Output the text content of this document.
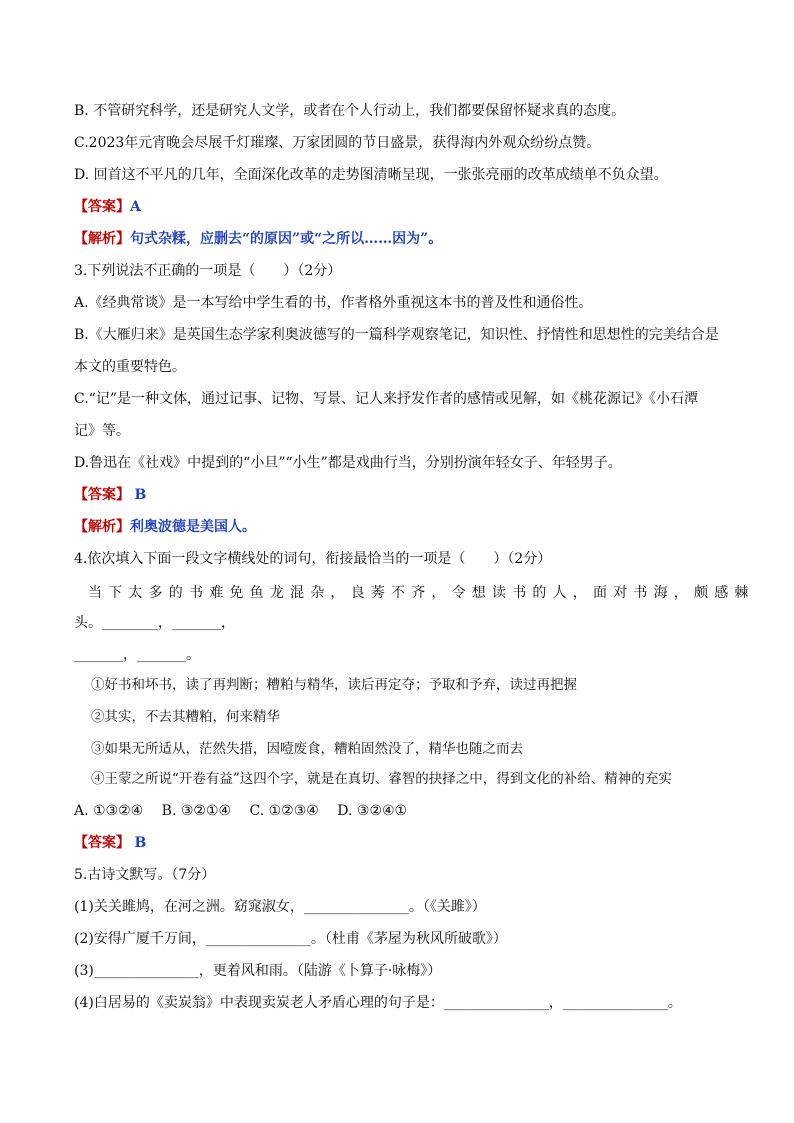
B. 不管研究科学，还是研究人文学，或者在个人行动上，我们都要保留怀疑求真的态度。
C.2023年元宵晚会尽展千灯璀璨、万家团圆的节日盛景，获得海内外观众纷纷点赞。
D. 回首这不平凡的几年，全面深化改革的走势图清晰呈现，一张张亮丽的改革成绩单不负众望。
【答案】A
【解析】句式杂糅，应删去“的原因”或“之所以……因为”。
3.下列说法不正确的一项是（　　）（2分）
A.《经典常谈》是一本写给中学生看的书，作者格外重视这本书的普及性和通俗性。
B.《大雁归来》是英国生态学家利奥波德写的一篇科学观察笔记，知识性、抒情性和思想性的完美结合是
本文的重要特色。
C.“记”是一种文体，通过记事、记物、写景、记人来抒发作者的感情或见解，如《桃花源记》《小石潭
记》等。
D.鲁迅在《社戏》中提到的“小旦”“小生”都是戏曲行当，分别扮演年轻女子、年轻男子。
【答案】 B
【解析】利奥波德是美国人。
4.依次填入下面一段文字横线处的词句，衔接最恰当的一项是（　　）（2分）
当下太多的书难免鱼龙混杂，良莠不齐，令想读书的人，面对书海，颇感棘
头。________，_______，
_______，_______。
①好书和坏书，读了再判断；糟粕与精华，读后再定夺；予取和予弃，读过再把握
②其实，不去其糟粕，何来精华
③如果无所适从，茫然失措，因噎废食，糟粕固然没了，精华也随之而去
④王蒙之所说“开卷有益”这四个字，就是在真切、睿智的抉择之中，得到文化的补给、精神的充实
A. ①③②④　 B. ③②①④　 C. ①②③④　 D. ③②④①
【答案】 B
5.古诗文默写。（7分）
(1)关关雎鸠，在河之洲。窈窕淑女，_______________。（《关雎》）
(2)安得广厦千万间，_______________。（杜甫《茅屋为秋风所破歌》）
(3)_______________，更着风和雨。（陆游《卜算子·咏梅》）
(4)白居易的《卖炭翁》中表现卖炭老人矛盾心理的句子是：_______________，_______________。
